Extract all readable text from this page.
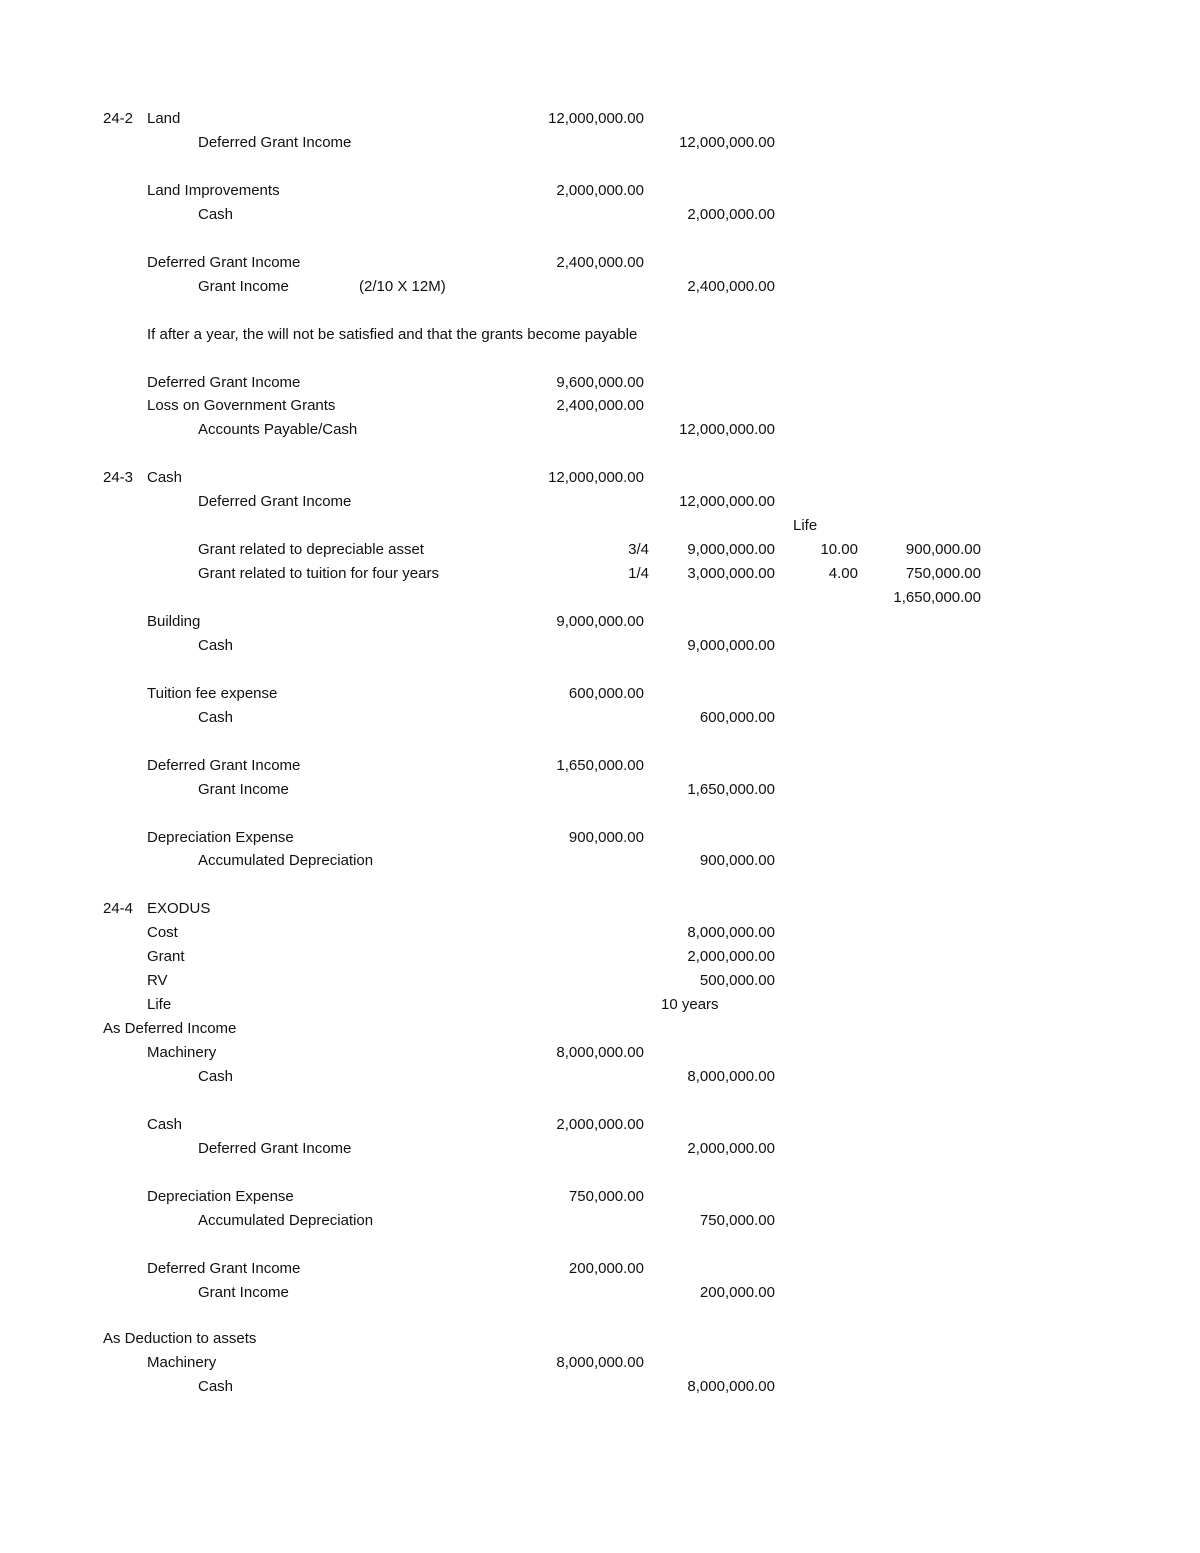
24-2 Land	12,000,000.00
Deferred Grant Income	12,000,000.00
Land Improvements	2,000,000.00
Cash	2,000,000.00
Deferred Grant Income	2,400,000.00
Grant Income	(2/10 X 12M)	2,400,000.00
If after a year, the will not be satisfied and that the grants become payable
Deferred Grant Income	9,600,000.00
Loss on Government Grants	2,400,000.00
Accounts Payable/Cash	12,000,000.00
24-3 Cash	12,000,000.00
Deferred Grant Income	12,000,000.00
Life
Grant related to depreciable asset	3/4	9,000,000.00	10.00	900,000.00
Grant related to tuition for four years	1/4	3,000,000.00	4.00	750,000.00
1,650,000.00
Building	9,000,000.00
Cash	9,000,000.00
Tuition fee expense	600,000.00
Cash	600,000.00
Deferred Grant Income	1,650,000.00
Grant Income	1,650,000.00
Depreciation Expense	900,000.00
Accumulated Depreciation	900,000.00
24-4 EXODUS
Cost	8,000,000.00
Grant	2,000,000.00
RV	500,000.00
Life	10 years
As Deferred Income
Machinery	8,000,000.00
Cash	8,000,000.00
Cash	2,000,000.00
Deferred Grant Income	2,000,000.00
Depreciation Expense	750,000.00
Accumulated Depreciation	750,000.00
Deferred Grant Income	200,000.00
Grant Income	200,000.00
As Deduction to assets
Machinery	8,000,000.00
Cash	8,000,000.00
